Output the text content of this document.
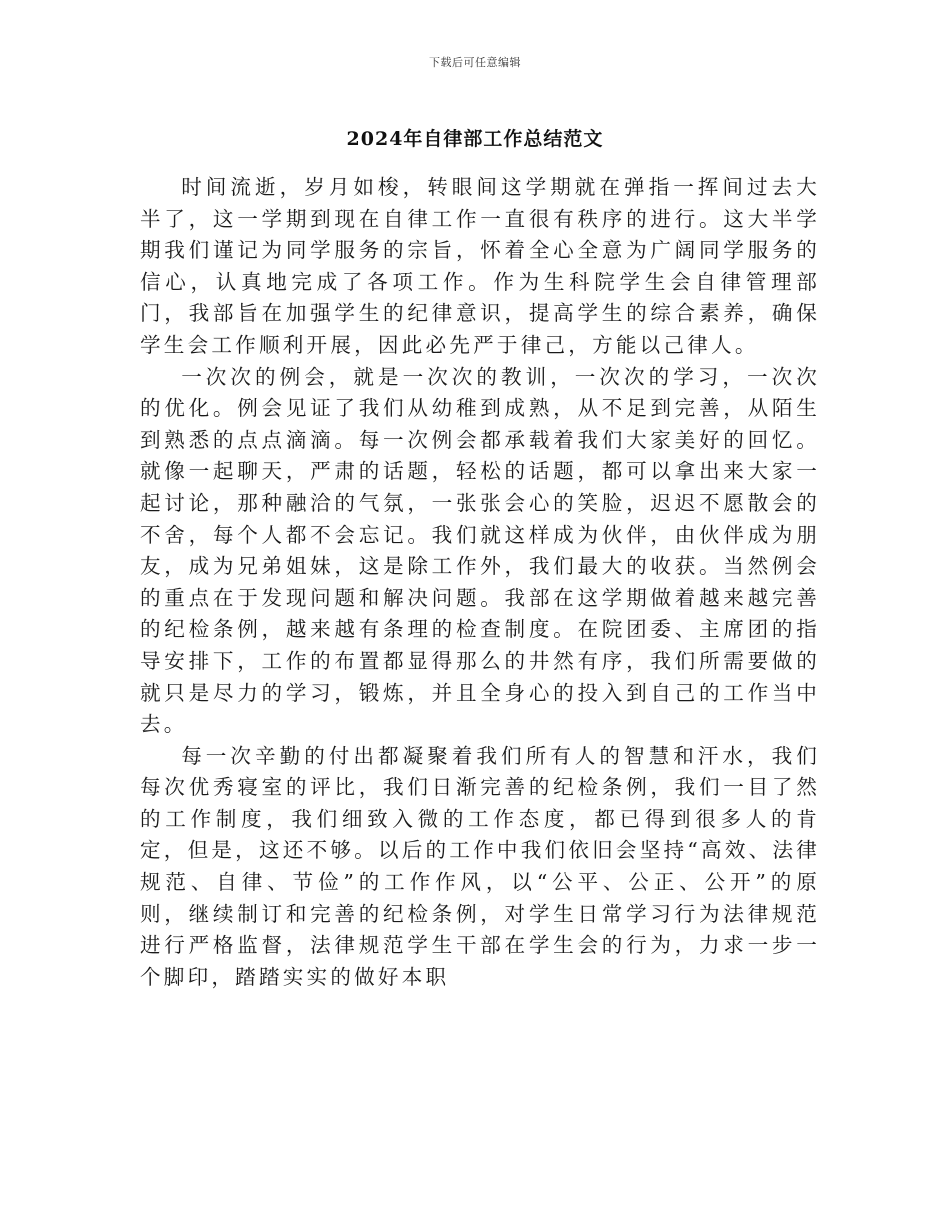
下载后可任意编辑
2024年自律部工作总结范文

时间流逝，岁月如梭，转眼间这学期就在弹指一挥间过去大半了，这一学期到现在自律工作一直很有秩序的进行。这大半学期我们谨记为同学服务的宗旨，怀着全心全意为广阔同学服务的信心，认真地完成了各项工作。作为生科院学生会自律管理部门，我部旨在加强学生的纪律意识，提高学生的综合素养，确保学生会工作顺利开展，因此必先严于律己，方能以己律人。

一次次的例会，就是一次次的教训，一次次的学习，一次次的优化。例会见证了我们从幼稚到成熟，从不足到完善，从陌生到熟悉的点点滴滴。每一次例会都承载着我们大家美好的回忆。就像一起聊天，严肃的话题，轻松的话题，都可以拿出来大家一起讨论，那种融洽的气氛，一张张会心的笑脸，迟迟不愿散会的不舍，每个人都不会忘记。我们就这样成为伙伴，由伙伴成为朋友，成为兄弟姐妹，这是除工作外，我们最大的收获。当然例会的重点在于发现问题和解决问题。我部在这学期做着越来越完善的纪检条例，越来越有条理的检查制度。在院团委、主席团的指导安排下，工作的布置都显得那么的井然有序，我们所需要做的就只是尽力的学习，锻炼，并且全身心的投入到自己的工作当中去。

每一次辛勤的付出都凝聚着我们所有人的智慧和汗水，我们每次优秀寝室的评比，我们日渐完善的纪检条例，我们一目了然的工作制度，我们细致入微的工作态度，都已得到很多人的肯定，但是，这还不够。以后的工作中我们依旧会坚持“高效、法律规范、自律、节俭”的工作作风，以“公平、公正、公开”的原则，继续制订和完善的纪检条例，对学生日常学习行为法律规范进行严格监督，法律规范学生干部在学生会的行为，力求一步一个脚印，踏踏实实的做好本职
